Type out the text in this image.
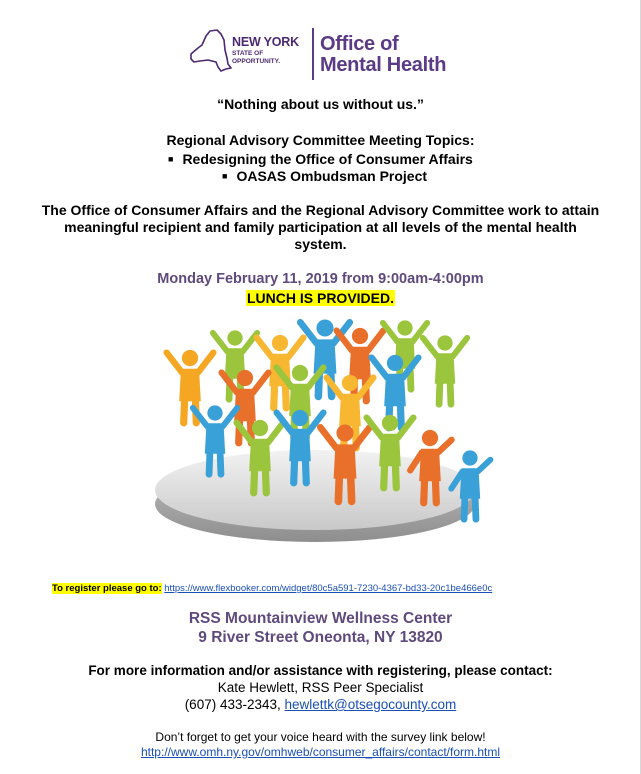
NEW YORK
STATE OF
OPPORTUNITY.
Office of
Mental Health
“Nothing about us without us.”
Regional Advisory Committee Meeting Topics:
■ Redesigning the Office of Consumer Affairs
■ OASAS Ombudsman Project
The Office of Consumer Affairs and the Regional Advisory Committee work to attain meaningful recipient and family participation at all levels of the mental health system.
Monday February 11, 2019 from 9:00am-4:00pm
LUNCH IS PROVIDED.
To register please go to: https://www.flexbooker.com/widget/80c5a591-7230-4367-bd33-20c1be466e0c
RSS Mountainview Wellness Center
9 River Street Oneonta, NY 13820
For more information and/or assistance with registering, please contact:
Kate Hewlett, RSS Peer Specialist
(607) 433-2343, hewlettk@otsegocounty.com
Don’t forget to get your voice heard with the survey link below!
http://www.omh.ny.gov/omhweb/consumer_affairs/contact/form.html
